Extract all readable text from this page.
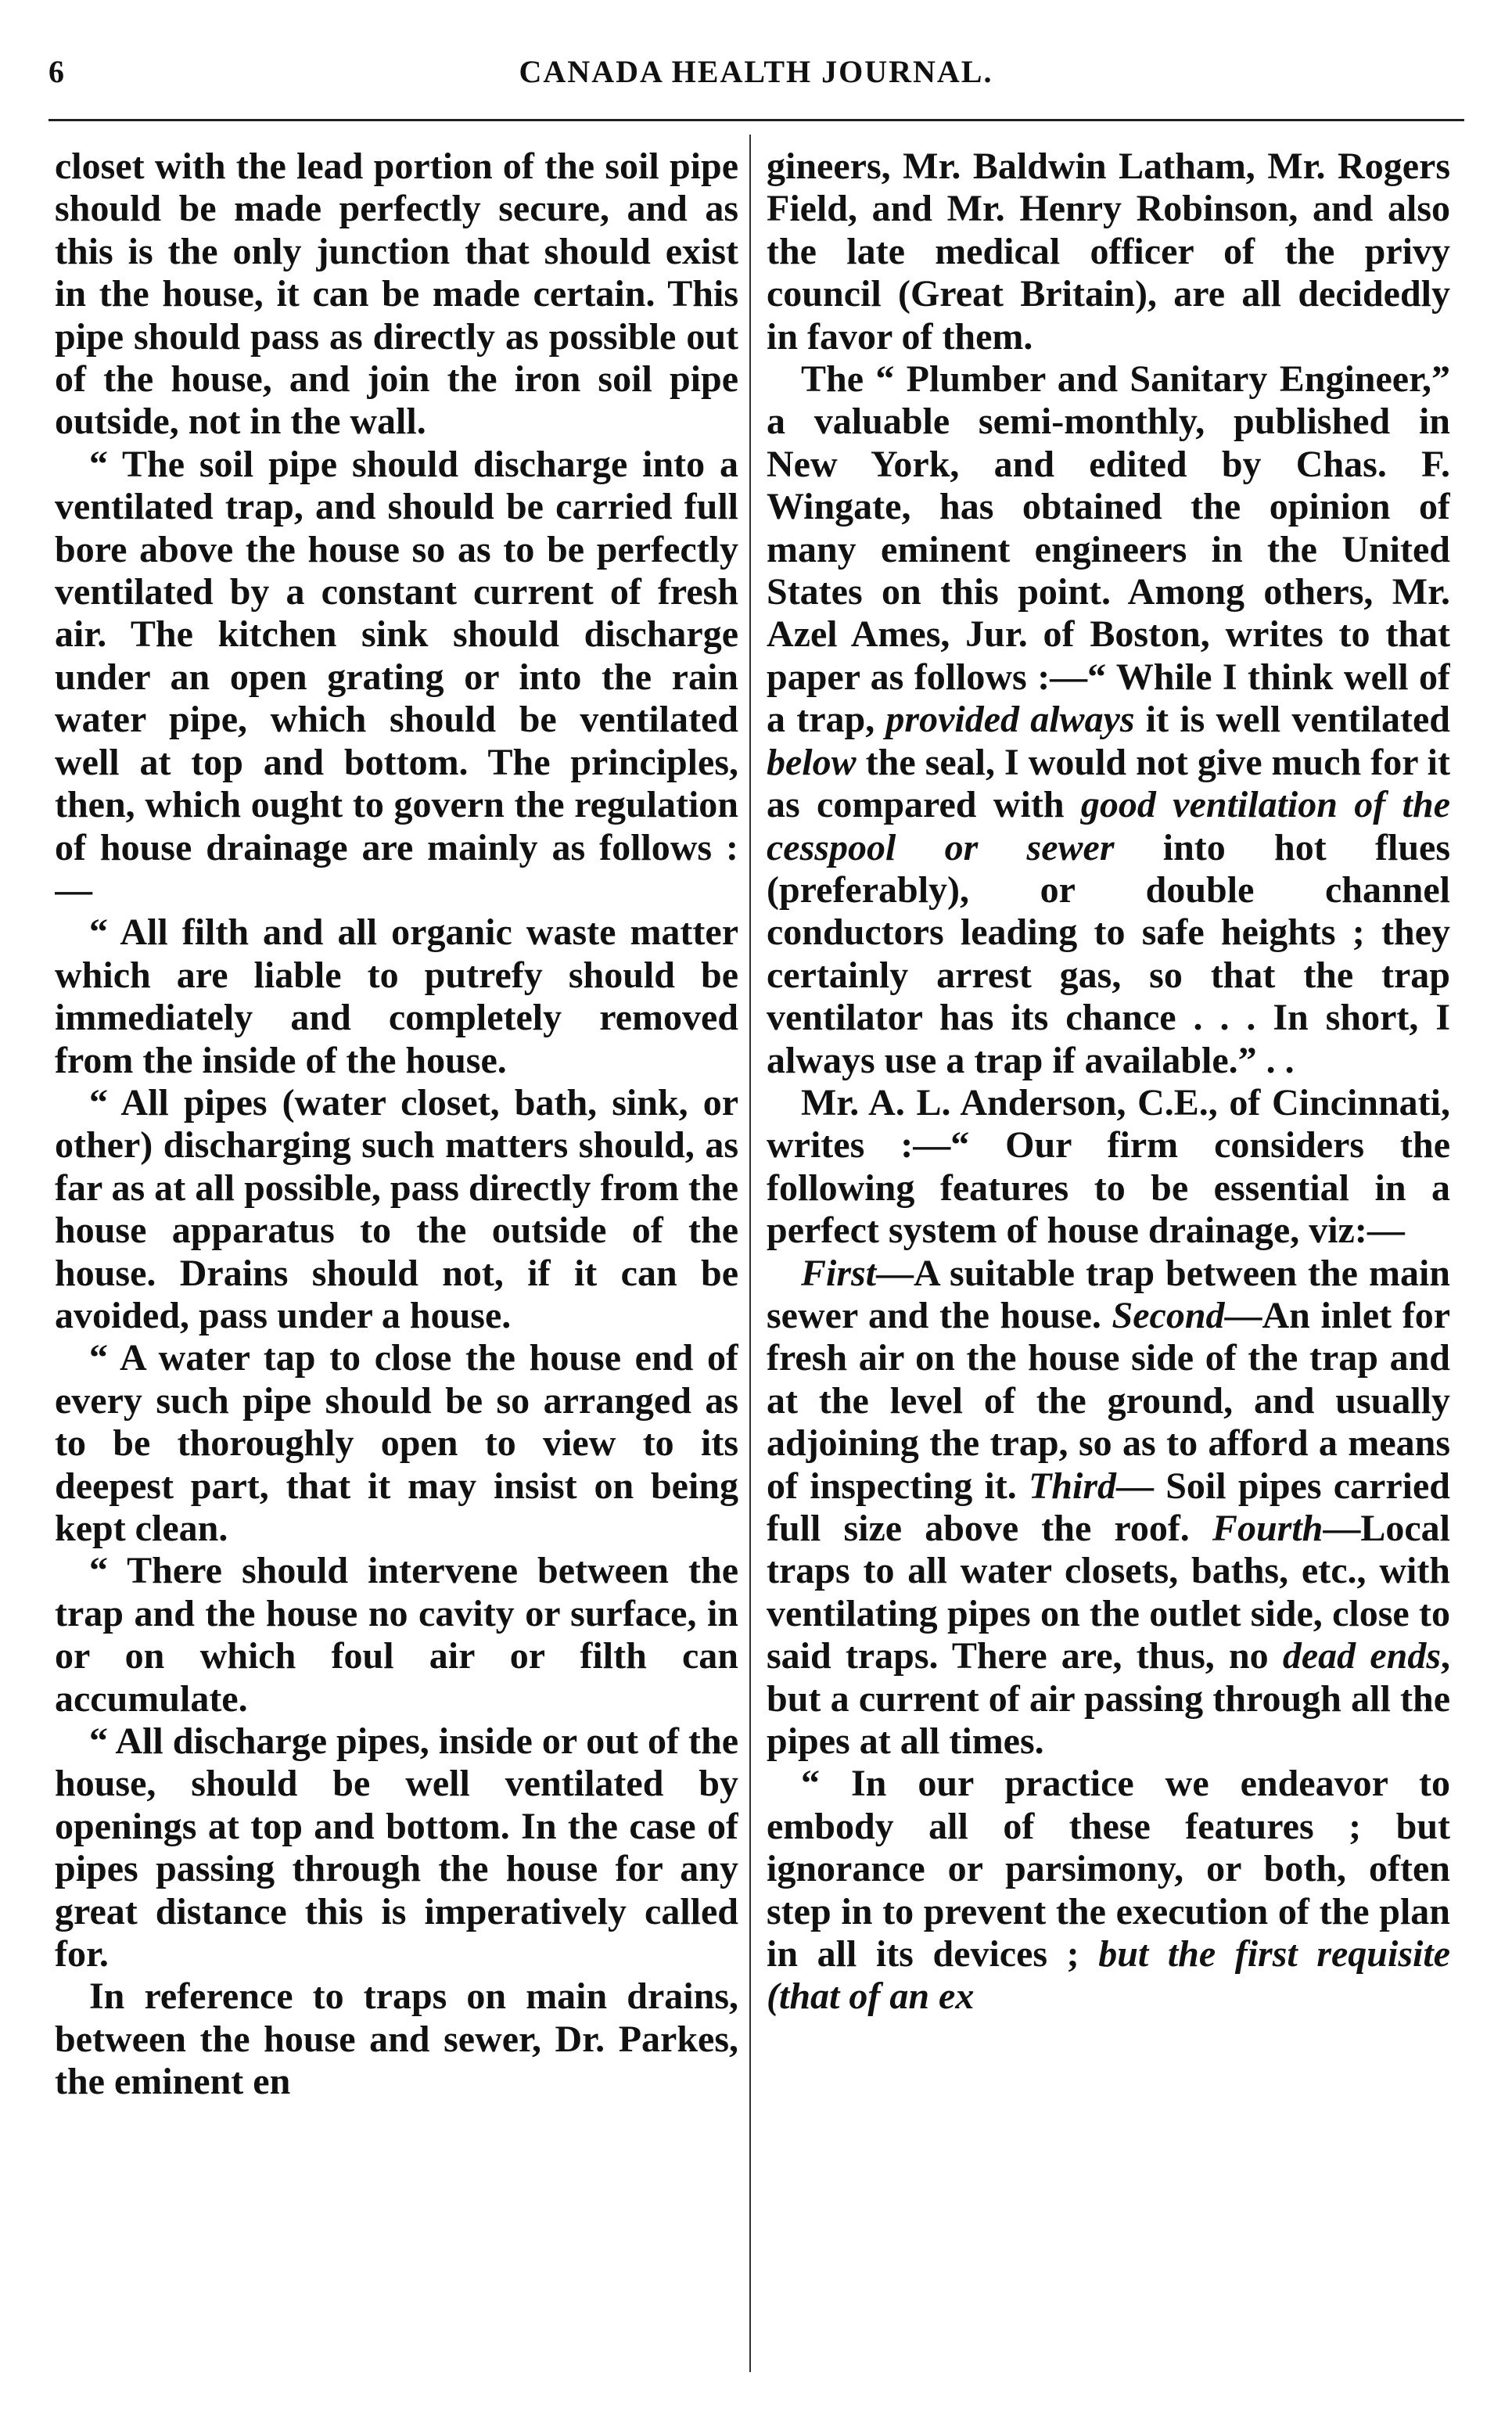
6	CANADA HEALTH JOURNAL.

closet with the lead portion of the soil pipe should be made perfectly secure, and as this is the only junction that should exist in the house, it can be made certain. This pipe should pass as directly as possible out of the house, and join the iron soil pipe outside, not in the wall.

“ The soil pipe should discharge into a ventilated trap, and should be carried full bore above the house so as to be perfectly ventilated by a constant current of fresh air. The kitchen sink should discharge under an open grating or into the rain water pipe, which should be ventilated well at top and bottom. The principles, then, which ought to govern the regulation of house drainage are mainly as follows :—

“ All filth and all organic waste matter which are liable to putrefy should be immediately and completely removed from the inside of the house.

“ All pipes (water closet, bath, sink, or other) discharging such matters should, as far as at all possible, pass directly from the house apparatus to the outside of the house. Drains should not, if it can be avoided, pass under a house.

“ A water tap to close the house end of every such pipe should be so arranged as to be thoroughly open to view to its deepest part, that it may insist on being kept clean.

“ There should intervene between the trap and the house no cavity or surface, in or on which foul air or filth can accumulate.

“ All discharge pipes, inside or out of the house, should be well ventilated by openings at top and bottom. In the case of pipes passing through the house for any great distance this is imperatively called for.

In reference to traps on main drains, between the house and sewer, Dr. Parkes, the eminent en

gineers, Mr. Baldwin Latham, Mr. Rogers Field, and Mr. Henry Robinson, and also the late medical officer of the privy council (Great Britain), are all decidedly in favor of them.

The “ Plumber and Sanitary Engineer,” a valuable semi-monthly, published in New York, and edited by Chas. F. Wingate, has obtained the opinion of many eminent engineers in the United States on this point. Among others, Mr. Azel Ames, Jur. of Boston, writes to that paper as follows :—“ While I think well of a trap, provided always it is well ventilated below the seal, I would not give much for it as compared with good ventilation of the cesspool or sewer into hot flues (preferably), or double channel conductors leading to safe heights ; they certainly arrest gas, so that the trap ventilator has its chance . . . In short, I always use a trap if available.” . .

Mr. A. L. Anderson, C.E., of Cincinnati, writes :—“ Our firm considers the following features to be essential in a perfect system of house drainage, viz:—

First—A suitable trap between the main sewer and the house. Second—An inlet for fresh air on the house side of the trap and at the level of the ground, and usually adjoining the trap, so as to afford a means of inspecting it. Third— Soil pipes carried full size above the roof. Fourth—Local traps to all water closets, baths, etc., with ventilating pipes on the outlet side, close to said traps. There are, thus, no dead ends, but a current of air passing through all the pipes at all times.

“ In our practice we endeavor to embody all of these features ; but ignorance or parsimony, or both, often step in to prevent the execution of the plan in all its devices ; but the first requisite (that of an ex
